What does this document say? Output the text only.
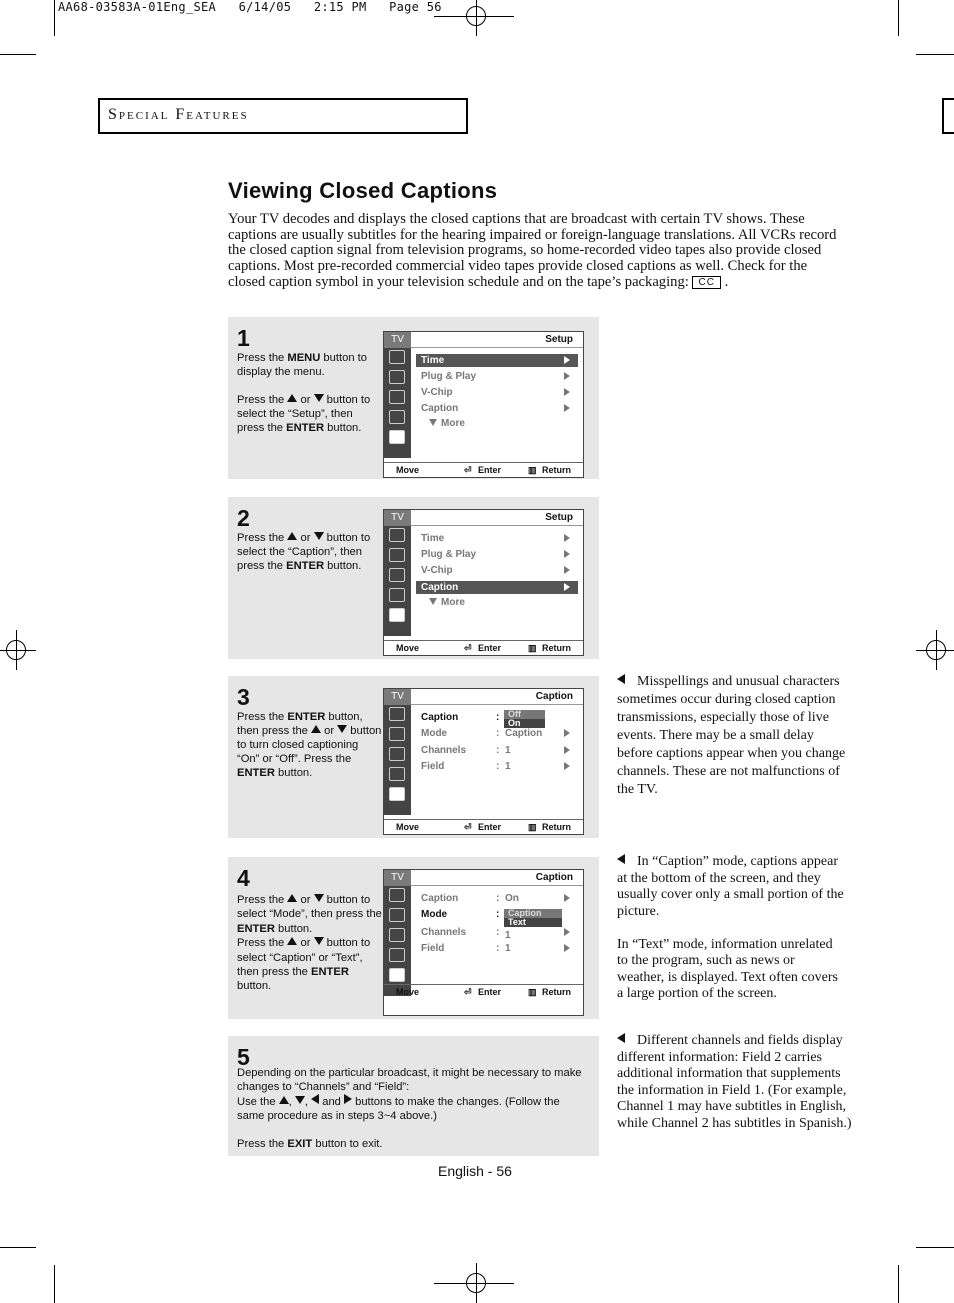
AA68-03583A-01Eng_SEA   6/14/05   2:15 PM   Page 56
Special Features
Viewing Closed Captions
Your TV decodes and displays the closed captions that are broadcast with certain TV shows. These captions are usually subtitles for the hearing impaired or foreign-language translations. All VCRs record the closed caption signal from television programs, so home-recorded video tapes also provide closed captions. Most pre-recorded commercial video tapes provide closed captions as well. Check for the closed caption symbol in your television schedule and on the tape’s packaging: CC .
1
Press the MENU button to display the menu.

Press the  or  button to select the “Setup”, then press the ENTER button.
TV	Setup
Time
Plug & Play
V-Chip
Caption
More
Move	⏎ Enter	▥ Return
2
Press the  or  button to select the “Caption”, then press the ENTER button.
TV	Setup
Time
Plug & Play
V-Chip
Caption
More
Move	⏎ Enter	▥ Return
3
Press the ENTER button, then press the  or  button to turn closed captioning “On” or “Off”. Press the ENTER button.
TV	Caption
Caption	: Off
On
Mode	: Caption
Channels	: 1
Field	: 1
Move	⏎ Enter	▥ Return
4
Press the  or  button to select “Mode”, then press the ENTER button.
Press the  or  button to select “Caption” or “Text”, then press the ENTER button.
TV	Caption
Caption	: On
Mode	: Caption
Text
Channels	: 1
Field	: 1
Move	⏎ Enter	▥ Return
5
Depending on the particular broadcast, it might be necessary to make changes to “Channels” and “Field”:
Use the , ,  and  buttons to make the changes. (Follow the same procedure as in steps 3~4 above.)

Press the EXIT button to exit.
Misspellings and unusual characters sometimes occur during closed caption transmissions, especially those of live events. There may be a small delay before captions appear when you change channels. These are not malfunctions of the TV.
In “Caption” mode, captions appear at the bottom of the screen, and they usually cover only a small portion of the picture.

In “Text” mode, information unrelated to the program, such as news or weather, is displayed. Text often covers a large portion of the screen.
Different channels and fields display different information: Field 2 carries additional information that supplements the information in Field 1. (For example, Channel 1 may have subtitles in English, while Channel 2 has subtitles in Spanish.)
English - 56
